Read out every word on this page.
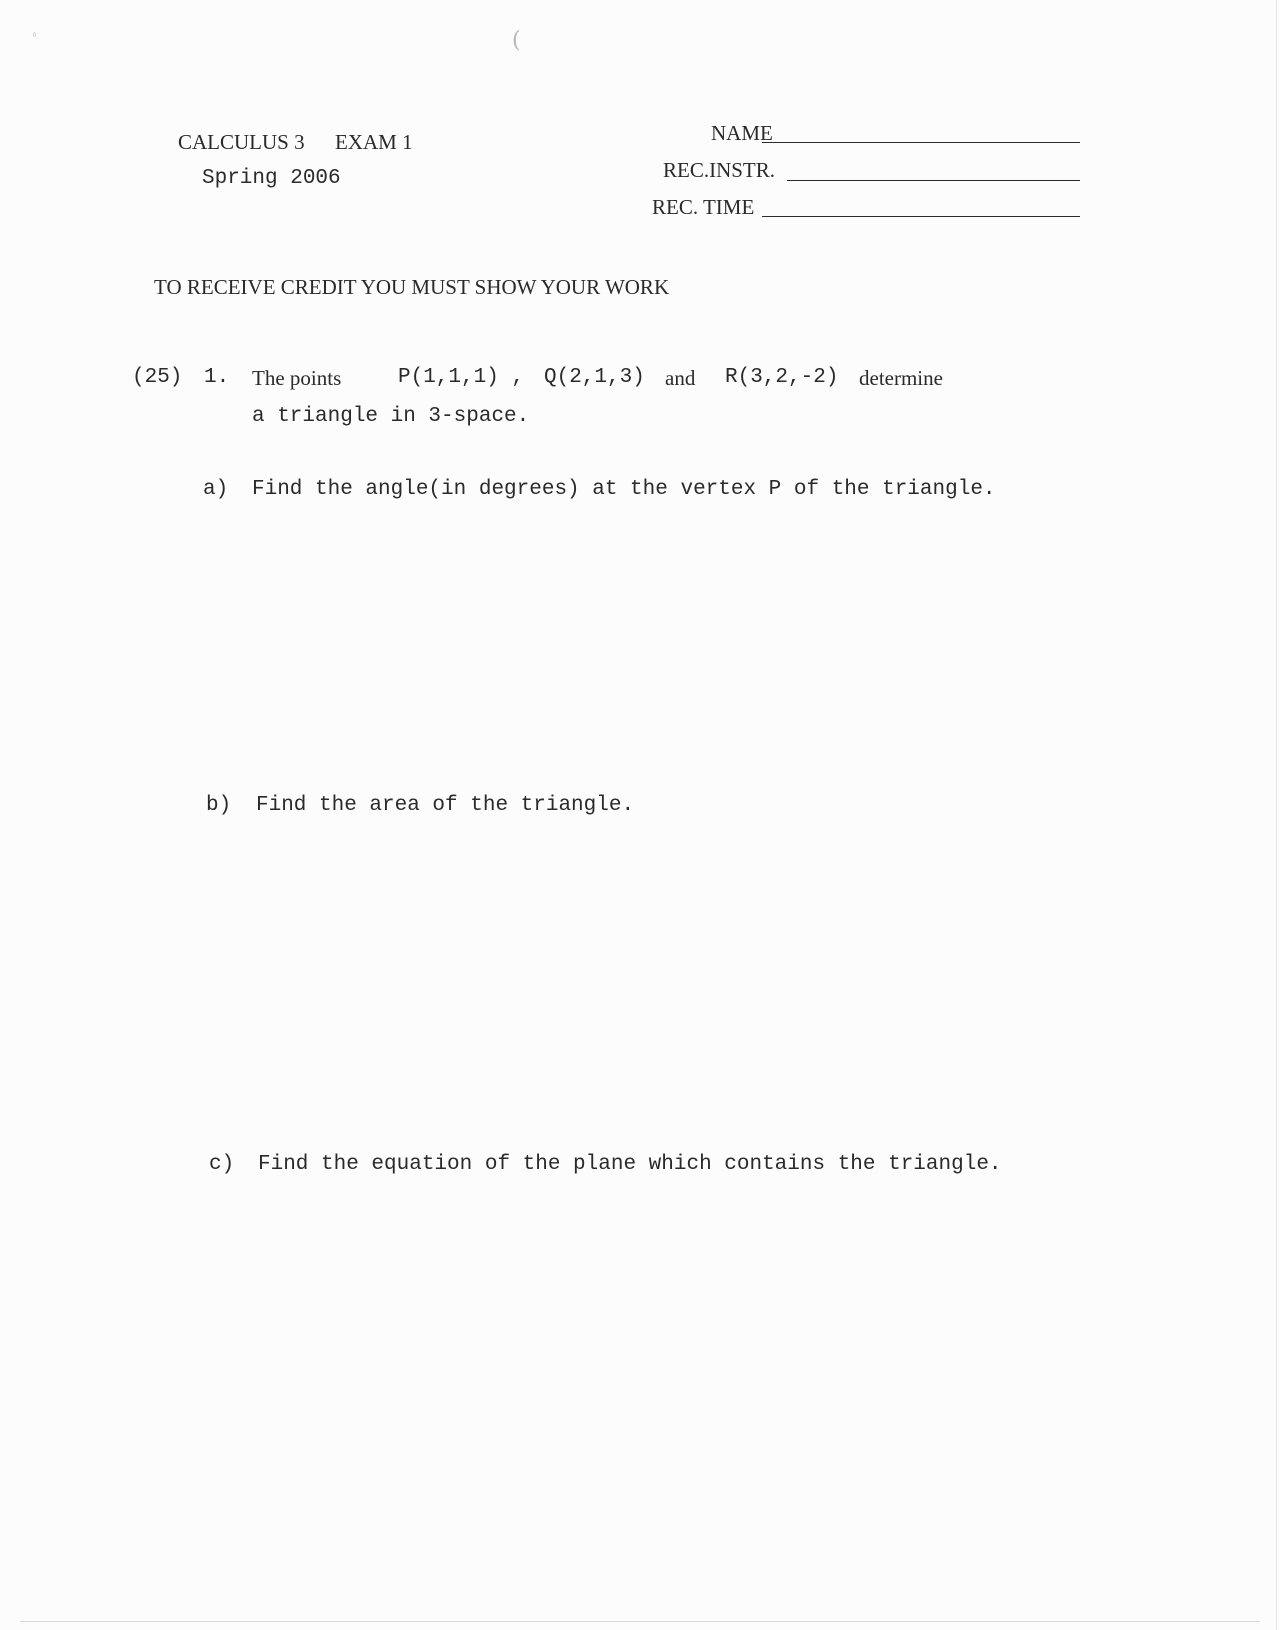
ﾟ	(
CALCULUS 3 EXAM 1
Spring 2006
NAME
REC.INSTR.
REC. TIME
TO RECEIVE CREDIT YOU MUST SHOW YOUR WORK
(25) 1. The points	P(1,1,1) , Q(2,1,3) and R(3,2,-2) determine
a triangle in 3-space.
a) Find the angle(in degrees) at the vertex P of the triangle.
b) Find the area of the triangle.
c) Find the equation of the plane which contains the triangle.
